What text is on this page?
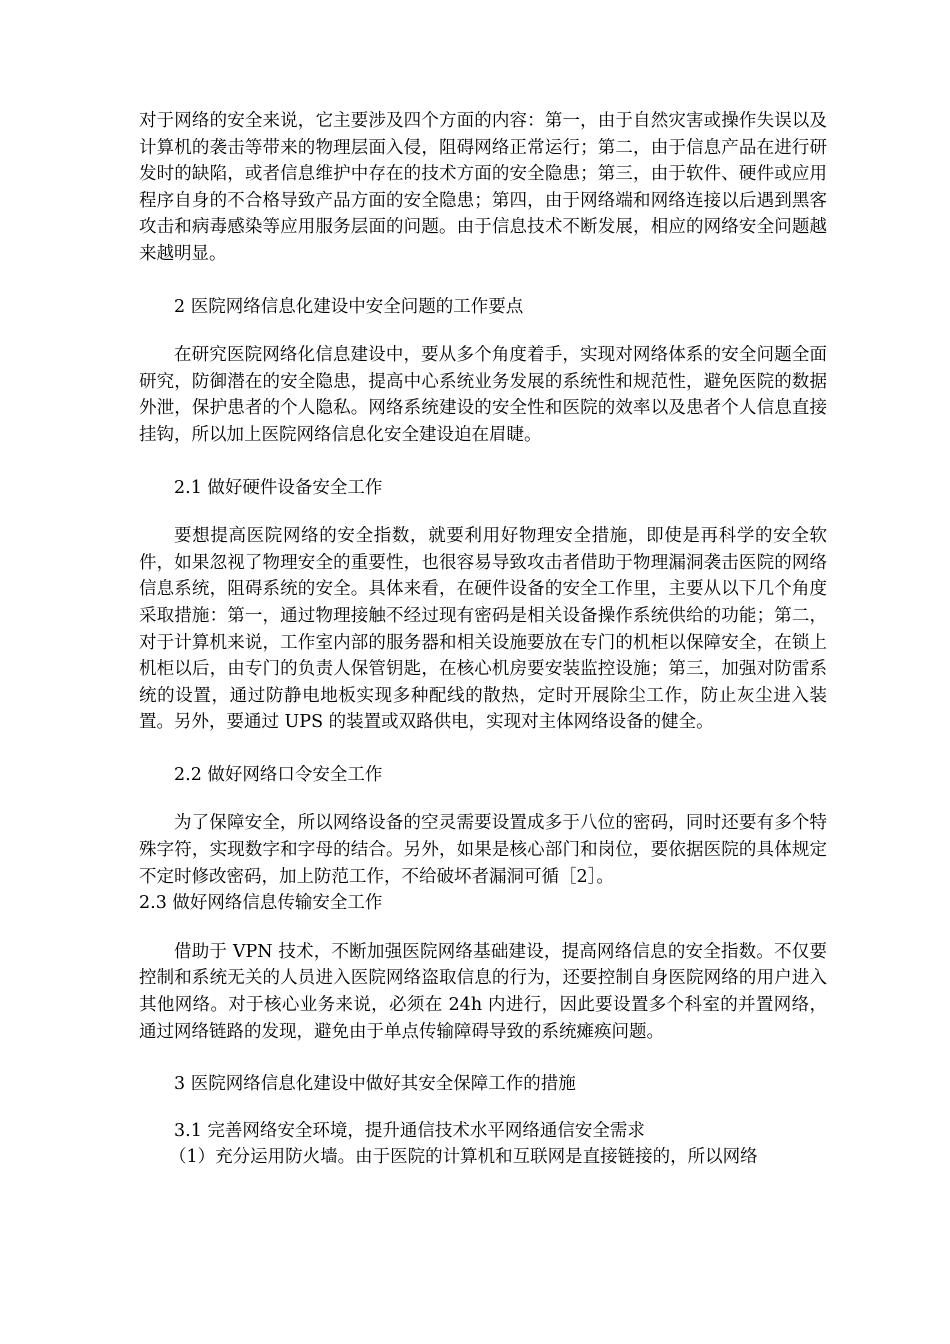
对于网络的安全来说，它主要涉及四个方面的内容：第一，由于自然灾害或操作失误以及计算机的袭击等带来的物理层面入侵，阻碍网络正常运行；第二，由于信息产品在进行研发时的缺陷，或者信息维护中存在的技术方面的安全隐患；第三，由于软件、硬件或应用程序自身的不合格导致产品方面的安全隐患；第四，由于网络端和网络连接以后遇到黑客攻击和病毒感染等应用服务层面的问题。由于信息技术不断发展，相应的网络安全问题越来越明显。

2 医院网络信息化建设中安全问题的工作要点

在研究医院网络化信息建设中，要从多个角度着手，实现对网络体系的安全问题全面研究，防御潜在的安全隐患，提高中心系统业务发展的系统性和规范性，避免医院的数据外泄，保护患者的个人隐私。网络系统建设的安全性和医院的效率以及患者个人信息直接挂钩，所以加上医院网络信息化安全建设迫在眉睫。

2.1 做好硬件设备安全工作

要想提高医院网络的安全指数，就要利用好物理安全措施，即使是再科学的安全软件，如果忽视了物理安全的重要性，也很容易导致攻击者借助于物理漏洞袭击医院的网络信息系统，阻碍系统的安全。具体来看，在硬件设备的安全工作里，主要从以下几个角度采取措施：第一，通过物理接触不经过现有密码是相关设备操作系统供给的功能；第二，对于计算机来说，工作室内部的服务器和相关设施要放在专门的机柜以保障安全，在锁上机柜以后，由专门的负责人保管钥匙，在核心机房要安装监控设施；第三，加强对防雷系统的设置，通过防静电地板实现多种配线的散热，定时开展除尘工作，防止灰尘进入装置。另外，要通过 UPS 的装置或双路供电，实现对主体网络设备的健全。

2.2 做好网络口令安全工作

为了保障安全，所以网络设备的空灵需要设置成多于八位的密码，同时还要有多个特殊字符，实现数字和字母的结合。另外，如果是核心部门和岗位，要依据医院的具体规定不定时修改密码，加上防范工作，不给破坏者漏洞可循［2］。

2.3 做好网络信息传输安全工作

借助于 VPN 技术，不断加强医院网络基础建设，提高网络信息的安全指数。不仅要控制和系统无关的人员进入医院网络盗取信息的行为，还要控制自身医院网络的用户进入其他网络。对于核心业务来说，必须在 24h 内进行，因此要设置多个科室的并置网络，通过网络链路的发现，避免由于单点传输障碍导致的系统瘫痪问题。

3 医院网络信息化建设中做好其安全保障工作的措施

3.1 完善网络安全环境，提升通信技术水平网络通信安全需求

（1）充分运用防火墙。由于医院的计算机和互联网是直接链接的，所以网络
